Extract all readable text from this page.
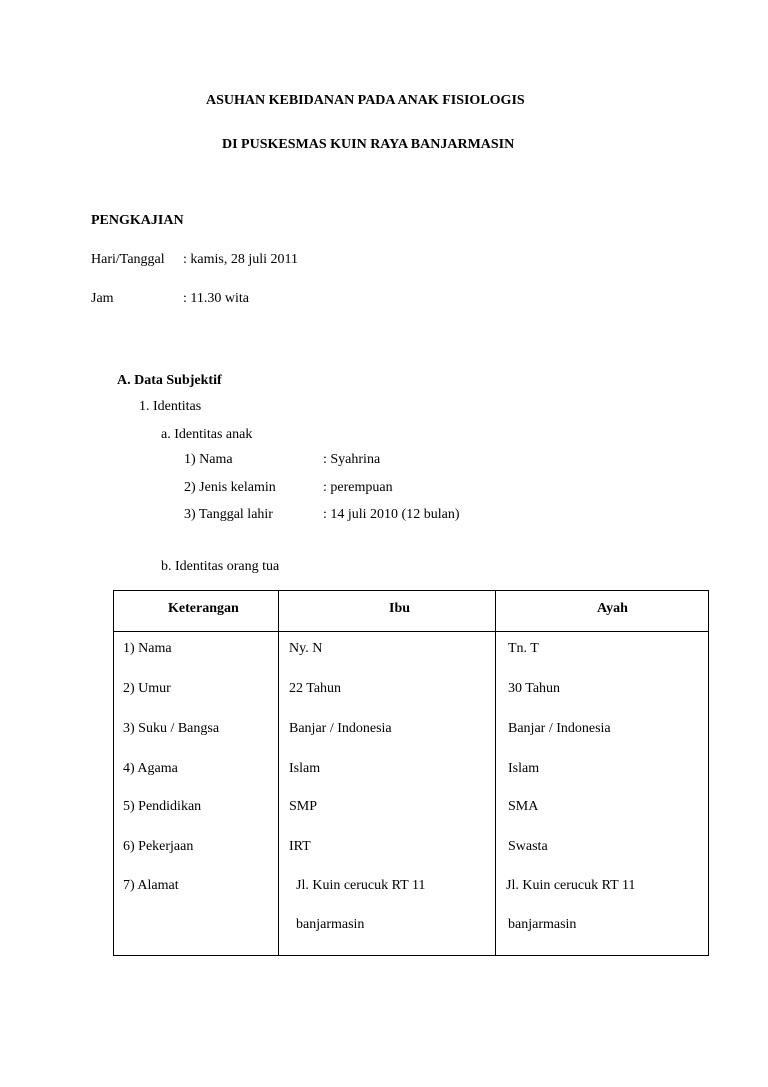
ASUHAN KEBIDANAN PADA ANAK FISIOLOGIS
DI PUSKESMAS KUIN RAYA BANJARMASIN
PENGKAJIAN
Hari/Tanggal : kamis, 28 juli 2011
Jam	: 11.30 wita
A. Data Subjektif
1. Identitas
a. Identitas anak
1) Nama	: Syahrina
2) Jenis kelamin	: perempuan
3) Tanggal lahir	: 14 juli 2010 (12 bulan)
b. Identitas orang tua
Keterangan	Ibu	Ayah
1) Nama	Ny. N	Tn. T
2) Umur	22 Tahun	30 Tahun
3) Suku / Bangsa	Banjar / Indonesia	Banjar / Indonesia
4) Agama	Islam	Islam
5) Pendidikan	SMP	SMA
6) Pekerjaan	IRT	Swasta
7) Alamat	Jl. Kuin cerucuk RT 11	Jl. Kuin cerucuk RT 11
banjarmasin	banjarmasin
